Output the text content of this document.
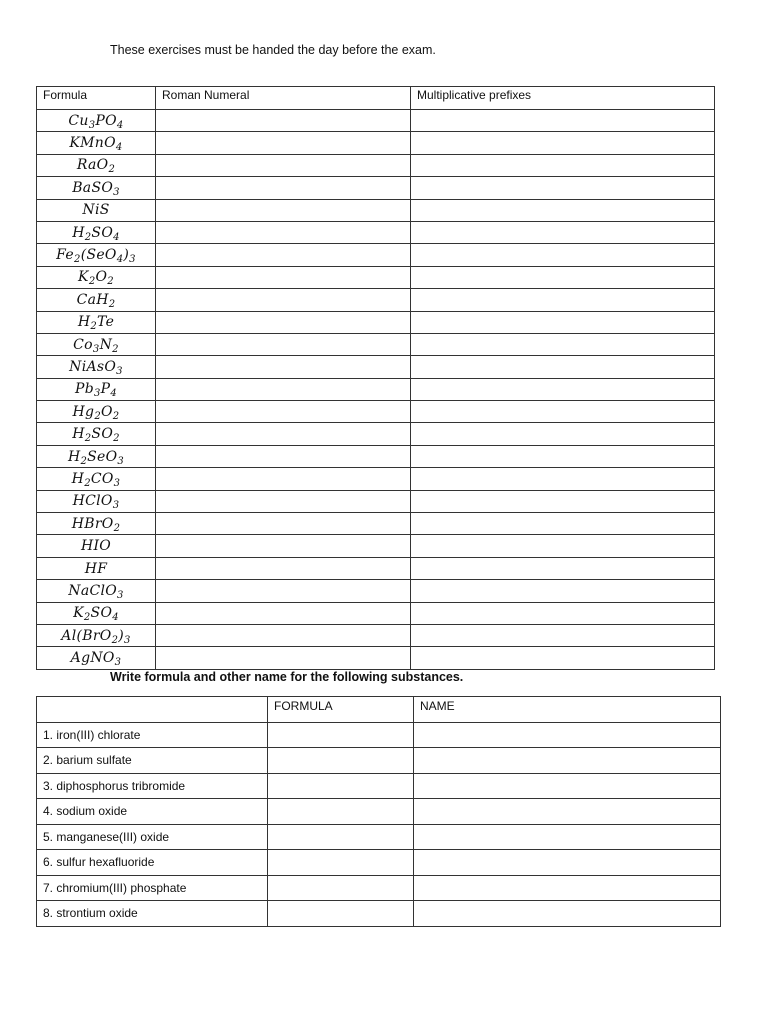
These exercises must be handed the day before the exam.
Formula	Roman Numeral	Multiplicative prefixes
$Cu_3PO_4$		
KMnO$_4$		
RaO$_2$		
BaSO$_3$		
NiS		
$H_2SO_4$		
$Fe_2(SeO_4)_3$		
$K_2O_2$		
CaH$_2$		
$H_2Te$		
$Co_3N_2$		
NiAsO$_3$		
$Pb_3P_4$		
$Hg_2O_2$		
$H_2SO_2$		
$H_2SeO_3$		
$H_2CO_3$		
HClO$_3$		
HBrO$_2$		
HIO		
HF		
NaClO$_3$		
$K_2SO_4$		
$Al(BrO_2)_3$		
AgNO$_3$		
Write formula and other name for the following substances.
	FORMULA	NAME
1. iron(III) chlorate		
2. barium sulfate		
3. diphosphorus tribromide		
4. sodium oxide		
5. manganese(III) oxide		
6. sulfur hexafluoride		
7. chromium(III) phosphate		
8. strontium oxide		
